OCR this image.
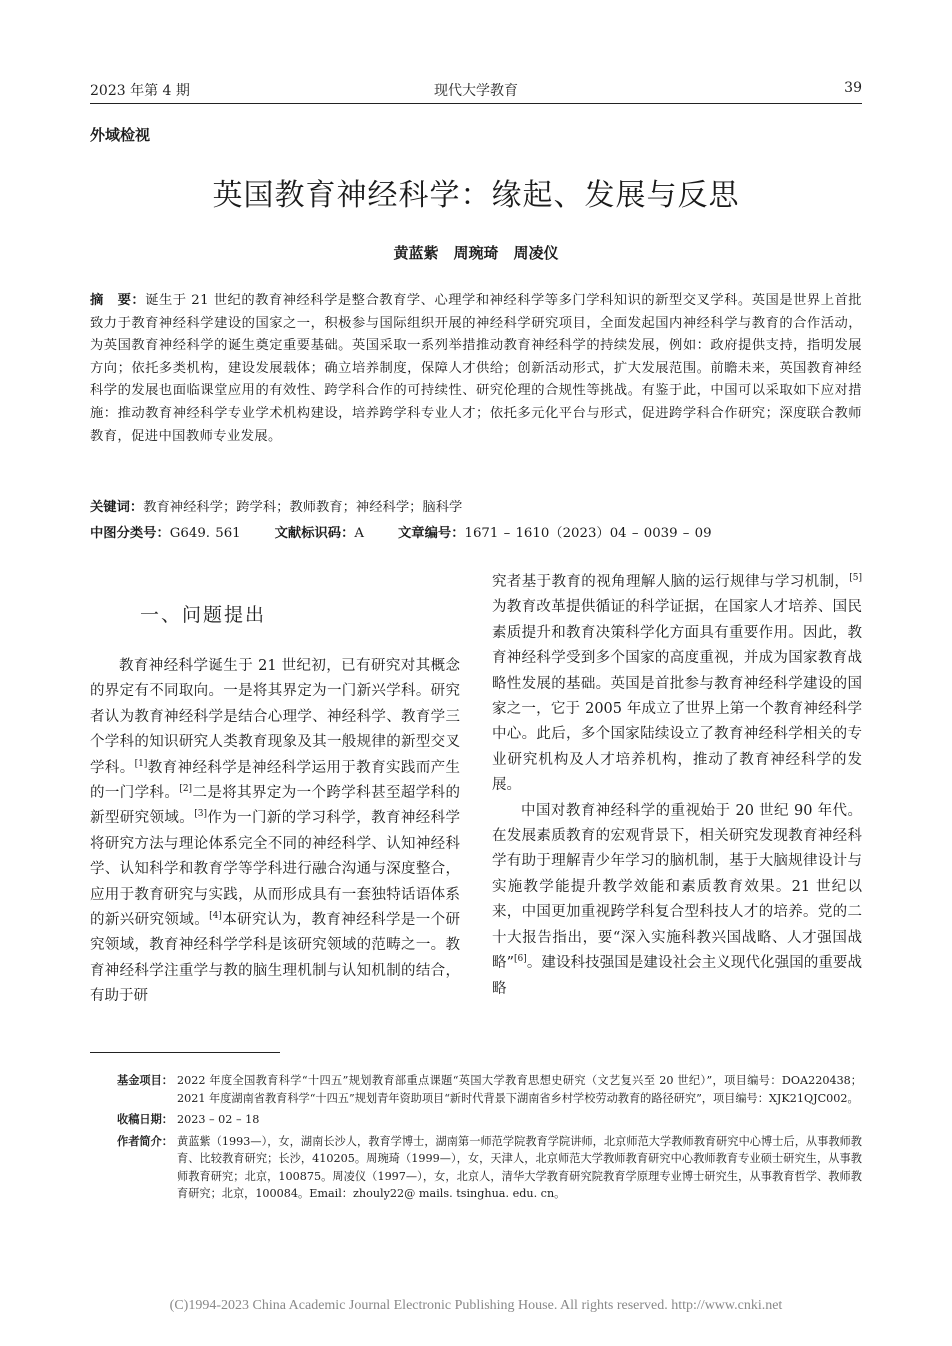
2023 年第 4 期	现代大学教育	39
外域检视
英国教育神经科学：缘起、发展与反思
黄蓝紫　周琬琦　周凌仪
摘　要：诞生于 21 世纪的教育神经科学是整合教育学、心理学和神经科学等多门学科知识的新型交叉学科。英国是世界上首批致力于教育神经科学建设的国家之一，积极参与国际组织开展的神经科学研究项目，全面发起国内神经科学与教育的合作活动，为英国教育神经科学的诞生奠定重要基础。英国采取一系列举措推动教育神经科学的持续发展，例如：政府提供支持，指明发展方向；依托多类机构，建设发展载体；确立培养制度，保障人才供给；创新活动形式，扩大发展范围。前瞻未来，英国教育神经科学的发展也面临课堂应用的有效性、跨学科合作的可持续性、研究伦理的合规性等挑战。有鉴于此，中国可以采取如下应对措施：推动教育神经科学专业学术机构建设，培养跨学科专业人才；依托多元化平台与形式，促进跨学科合作研究；深度联合教师教育，促进中国教师专业发展。
关键词：教育神经科学；跨学科；教师教育；神经科学；脑科学
中图分类号：G649. 561	文献标识码：A	文章编号：1671 – 1610（2023）04 – 0039 – 09
一、问题提出

教育神经科学诞生于 21 世纪初，已有研究对其概念的界定有不同取向。一是将其界定为一门新兴学科。研究者认为教育神经科学是结合心理学、神经科学、教育学三个学科的知识研究人类教育现象及其一般规律的新型交叉学科。[1]教育神经科学是神经科学运用于教育实践而产生的一门学科。[2]二是将其界定为一个跨学科甚至超学科的新型研究领域。[3]作为一门新的学习科学，教育神经科学将研究方法与理论体系完全不同的神经科学、认知神经科学、认知科学和教育学等学科进行融合沟通与深度整合，应用于教育研究与实践，从而形成具有一套独特话语体系的新兴研究领域。[4]本研究认为，教育神经科学是一个研究领域，教育神经科学学科是该研究领域的范畴之一。教育神经科学注重学与教的脑生理机制与认知机制的结合，有助于研

究者基于教育的视角理解人脑的运行规律与学习机制，[5]为教育改革提供循证的科学证据，在国家人才培养、国民素质提升和教育决策科学化方面具有重要作用。因此，教育神经科学受到多个国家的高度重视，并成为国家教育战略性发展的基础。英国是首批参与教育神经科学建设的国家之一，它于 2005 年成立了世界上第一个教育神经科学中心。此后，多个国家陆续设立了教育神经科学相关的专业研究机构及人才培养机构，推动了教育神经科学的发展。

中国对教育神经科学的重视始于 20 世纪 90 年代。在发展素质教育的宏观背景下，相关研究发现教育神经科学有助于理解青少年学习的脑机制，基于大脑规律设计与实施教学能提升教学效能和素质教育效果。21 世纪以来，中国更加重视跨学科复合型科技人才的培养。党的二十大报告指出，要“深入实施科教兴国战略、人才强国战略”[6]。建设科技强国是建设社会主义现代化强国的重要战略

基金项目： 2022 年度全国教育科学“十四五”规划教育部重点课题“英国大学教育思想史研究（文艺复兴至 20 世纪）”，项目编号：DOA220438；2021 年度湖南省教育科学“十四五”规划青年资助项目“新时代背景下湖南省乡村学校劳动教育的路径研究”，项目编号：XJK21QJC002。
收稿日期： 2023 – 02 – 18
作者简介： 黄蓝紫（1993—），女，湖南长沙人，教育学博士，湖南第一师范学院教育学院讲师，北京师范大学教师教育研究中心博士后，从事教师教育、比较教育研究；长沙，410205。周琬琦（1999—），女，天津人，北京师范大学教师教育研究中心教师教育专业硕士研究生，从事教师教育研究；北京，100875。周凌仪（1997—），女，北京人，清华大学教育研究院教育学原理专业博士研究生，从事教育哲学、教师教育研究；北京，100084。Email：zhouly22@ mails. tsinghua. edu. cn。
(C)1994-2023 China Academic Journal Electronic Publishing House. All rights reserved. http://www.cnki.net
